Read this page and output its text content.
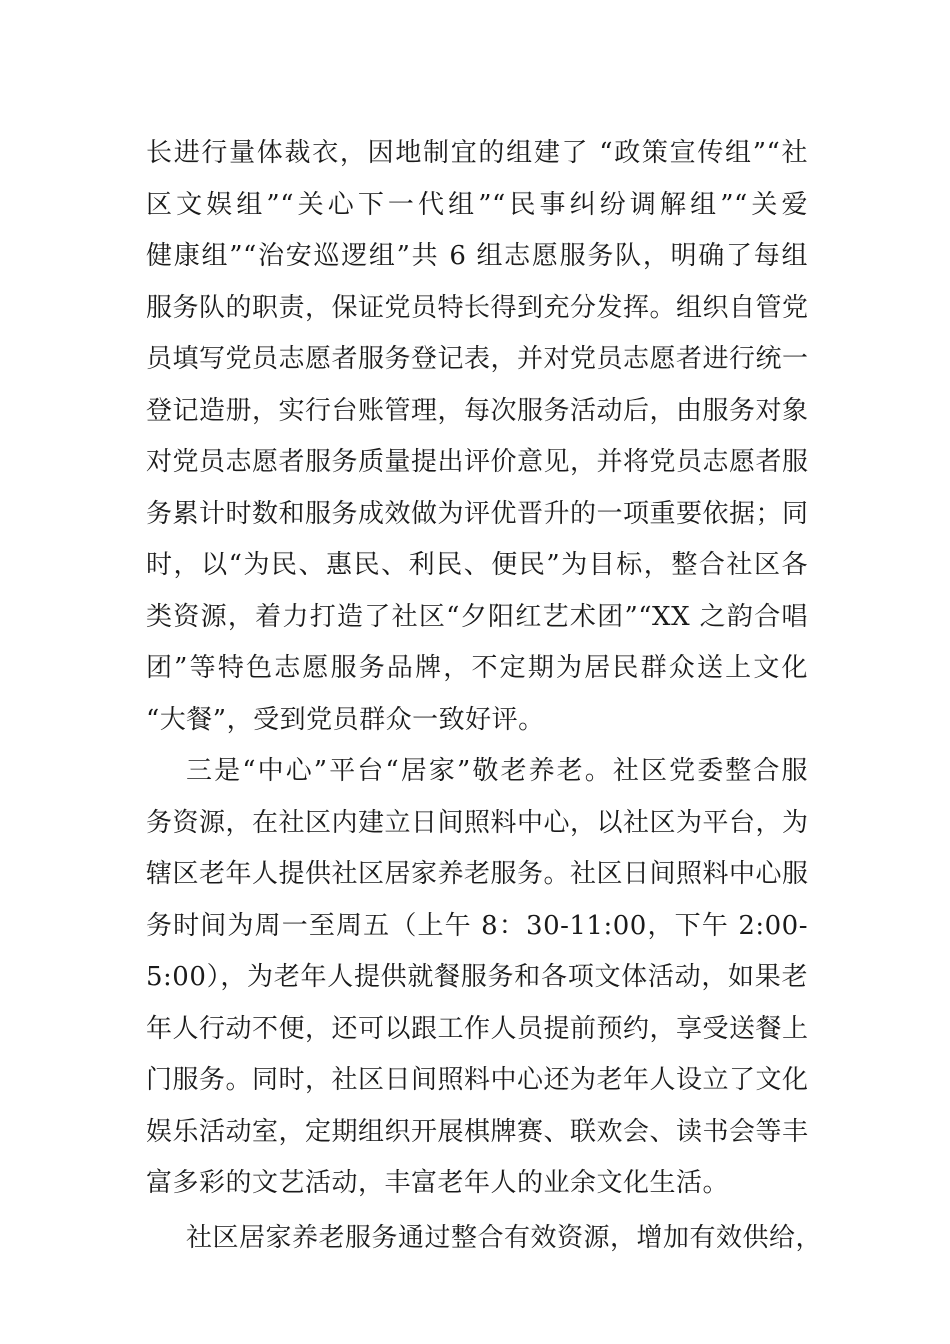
长进行量体裁衣，因地制宜的组建了 “政策宣传组”“社
区文娱组”“关心下一代组”“民事纠纷调解组”“关爱
健康组”“治安巡逻组”共 6 组志愿服务队，明确了每组
服务队的职责，保证党员特长得到充分发挥。组织自管党
员填写党员志愿者服务登记表，并对党员志愿者进行统一
登记造册，实行台账管理，每次服务活动后，由服务对象
对党员志愿者服务质量提出评价意见，并将党员志愿者服
务累计时数和服务成效做为评优晋升的一项重要依据；同
时，以“为民、惠民、利民、便民”为目标，整合社区各
类资源，着力打造了社区“夕阳红艺术团”“XX 之韵合唱
团”等特色志愿服务品牌，不定期为居民群众送上文化
“大餐”，受到党员群众一致好评。
三是“中心”平台“居家”敬老养老。社区党委整合服
务资源，在社区内建立日间照料中心，以社区为平台，为
辖区老年人提供社区居家养老服务。社区日间照料中心服
务时间为周一至周五（上午 8：30-11:00，下午 2:00-
5:00），为老年人提供就餐服务和各项文体活动，如果老
年人行动不便，还可以跟工作人员提前预约，享受送餐上
门服务。同时，社区日间照料中心还为老年人设立了文化
娱乐活动室，定期组织开展棋牌赛、联欢会、读书会等丰
富多彩的文艺活动，丰富老年人的业余文化生活。
社区居家养老服务通过整合有效资源，增加有效供给，
